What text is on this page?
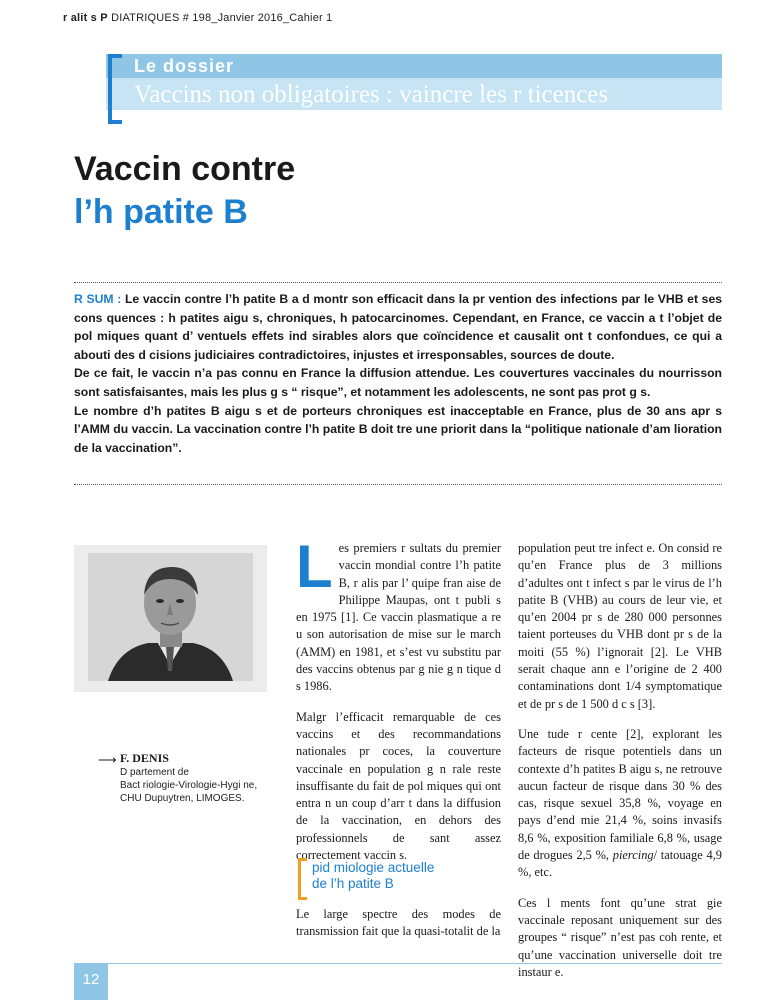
r alit s P DIATRIQUES # 198_Janvier 2016_Cahier 1
Le dossier
Vaccins non obligatoires : vaincre les r ticences
Vaccin contre
l’h patite B

R SUM : Le vaccin contre l’h patite B a d montr son efficacit dans la pr vention des infections par le VHB et ses cons quences : h patites aigu s, chroniques, h patocarcinomes. Cependant, en France, ce vaccin a t l’objet de pol miques quant d’ ventuels effets ind sirables alors que coïncidence et causalit ont t confondues, ce qui a abouti des d cisions judiciaires contradictoires, injustes et irresponsables, sources de doute.

De ce fait, le vaccin n’a pas connu en France la diffusion attendue. Les couvertures vaccinales du nourrisson sont satisfaisantes, mais les plus g s “ risque”, et notamment les adolescents, ne sont pas prot g s.

Le nombre d’h patites B aigu s et de porteurs chroniques est inacceptable en France, plus de 30 ans apr s l’AMM du vaccin. La vaccination contre l’h patite B doit tre une priorit dans la “politique nationale d’am lioration de la vaccination”.

⟶ F. DENIS
D partement de
Bact riologie-Virologie-Hygi ne,
CHU Dupuytren, LIMOGES.

Les premiers r sultats du premier vaccin mondial contre l’h patite B, r alis par l’ quipe fran aise de Philippe Maupas, ont t publi s en 1975 [1]. Ce vaccin plasmatique a re u son autorisation de mise sur le march (AMM) en 1981, et s’est vu substitu par des vaccins obtenus par g nie g n tique d s 1986.

Malgr l’efficacit remarquable de ces vaccins et des recommandations nationales pr coces, la couverture vaccinale en population g n rale reste insuffisante du fait de pol miques qui ont entra n un coup d’arr t dans la diffusion de la vaccination, en dehors des professionnels de sant assez correctement vaccin s.

pid miologie actuelle
de l’h patite B

Le large spectre des modes de transmission fait que la quasi-totalit de la

population peut tre infect e. On consid re qu’en France plus de 3 millions d’adultes ont t infect s par le virus de l’h patite B (VHB) au cours de leur vie, et qu’en 2004 pr s de 280 000 personnes taient porteuses du VHB dont pr s de la moiti (55 %) l’ignorait [2]. Le VHB serait chaque ann e l’origine de 2 400 contaminations dont 1/4 symptomatique et de pr s de 1 500 d c s [3].

Une tude r cente [2], explorant les facteurs de risque potentiels dans un contexte d’h patites B aigu s, ne retrouve aucun facteur de risque dans 30 % des cas, risque sexuel 35,8 %, voyage en pays d’end mie 21,4 %, soins invasifs 8,6 %, exposition familiale 6,8 %, usage de drogues 2,5 %, piercing/ tatouage 4,9 %, etc.

Ces l ments font qu’une strat gie vaccinale reposant uniquement sur des groupes “ risque” n’est pas coh rente, et qu’une vaccination universelle doit tre instaur e.

12
